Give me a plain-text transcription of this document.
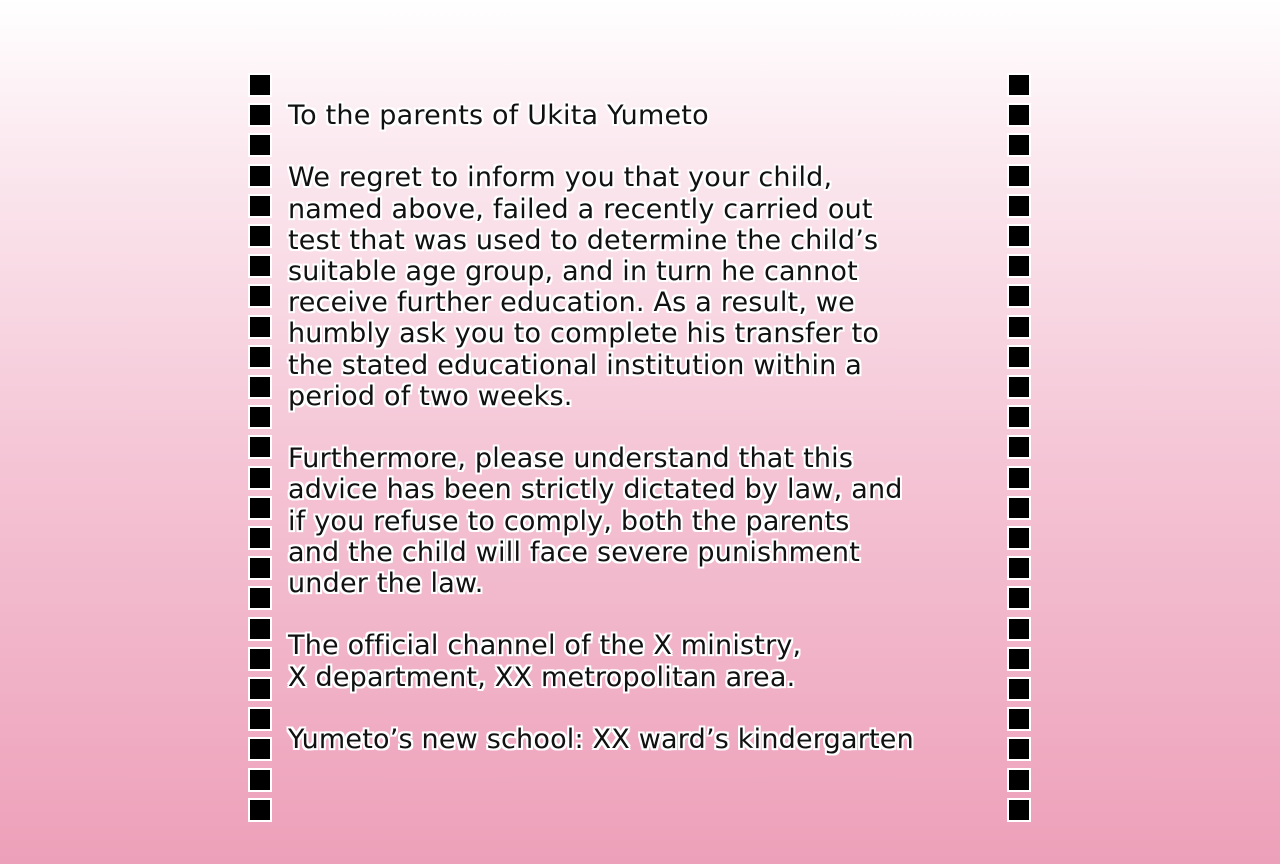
To the parents of Ukita Yumeto

We regret to inform you that your child,
named above, failed a recently carried out
test that was used to determine the child’s
suitable age group, and in turn he cannot
receive further education. As a result, we
humbly ask you to complete his transfer to
the stated educational institution within a
period of two weeks.

Furthermore, please understand that this
advice has been strictly dictated by law, and
if you refuse to comply, both the parents
and the child will face severe punishment
under the law.

The official channel of the X ministry,
X department, XX metropolitan area.

Yumeto’s new school: XX ward’s kindergarten
